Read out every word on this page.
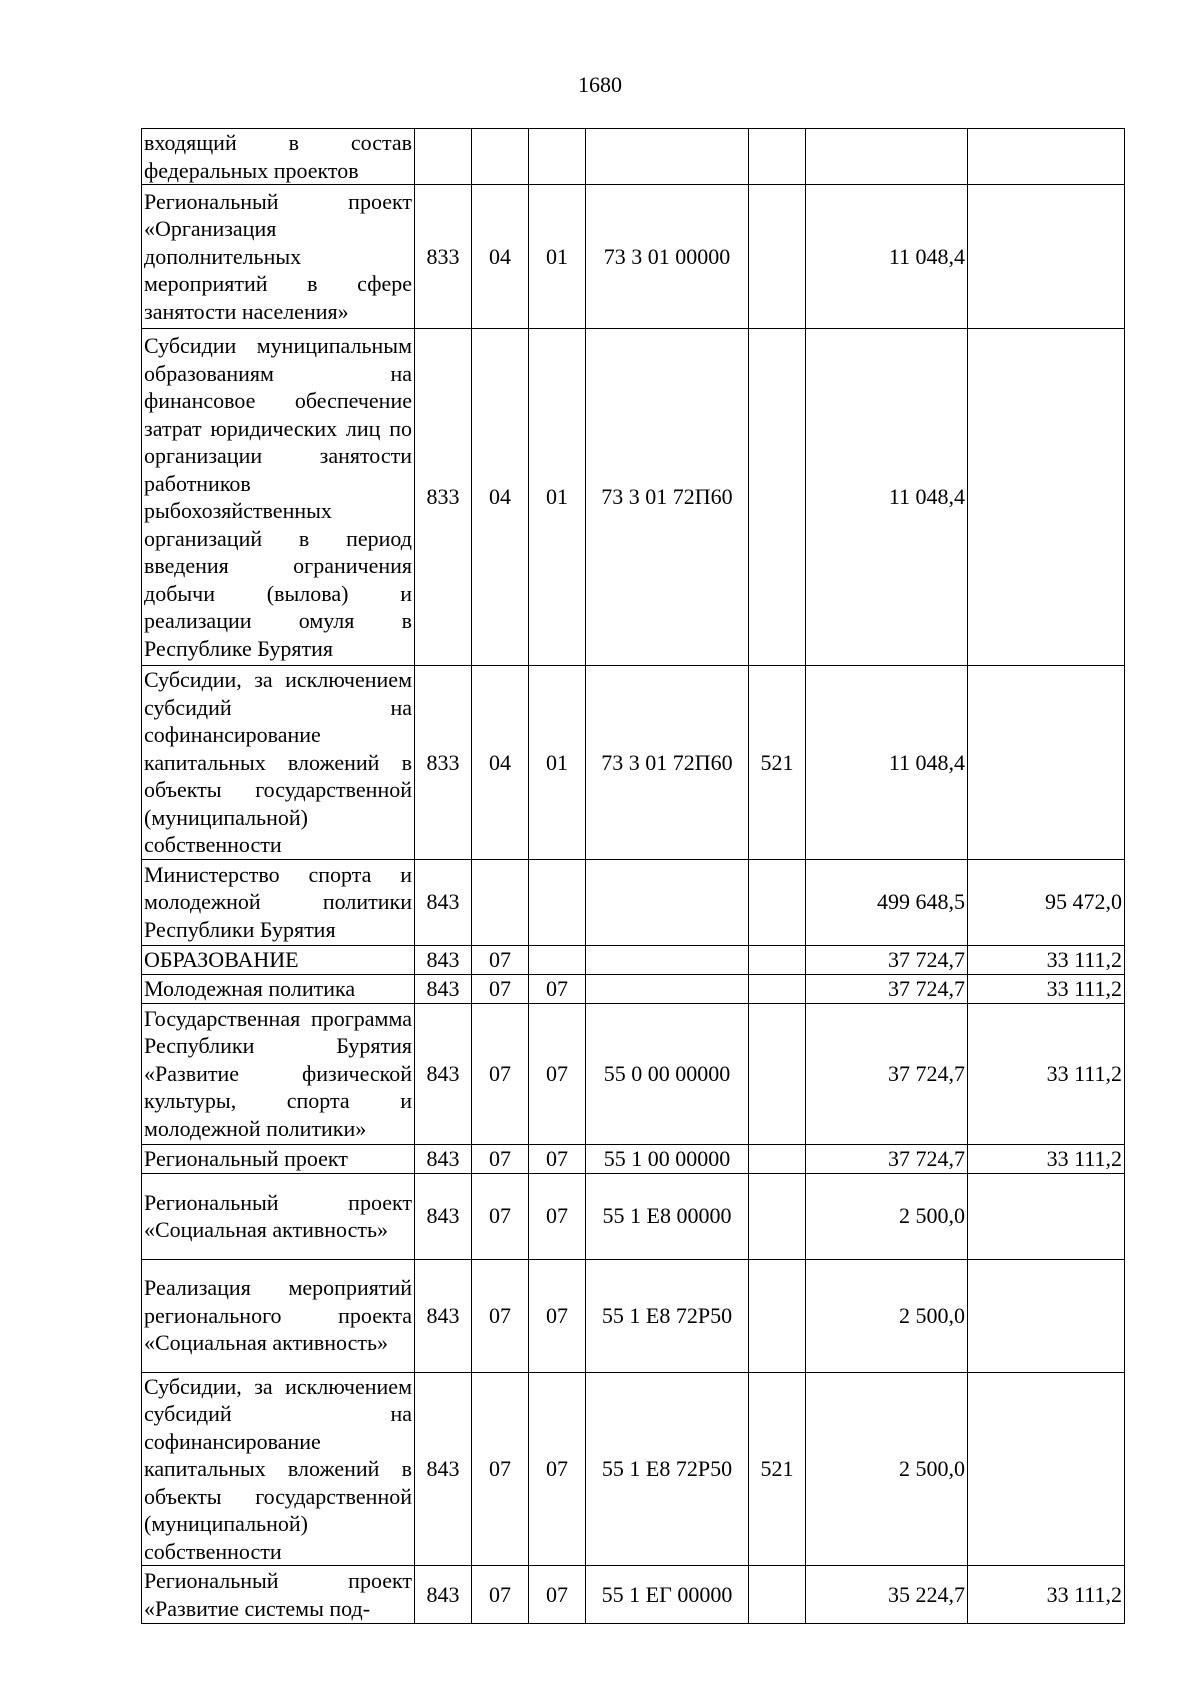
1680
входящий в состав федеральных проектов							
Региональный проект «Организация дополнительных мероприятий в сфере занятости населения»	833	04	01	73 3 01 00000		11 048,4	
Субсидии муниципальным образованиям на финансовое обеспечение затрат юридических лиц по организации занятости работников рыбохозяйственных организаций в период введения ограничения добычи (вылова) и реализации омуля в Республике Бурятия	833	04	01	73 3 01 72П60		11 048,4	
Субсидии, за исключением субсидий на софинансирование капитальных вложений в объекты государственной (муниципальной) собственности	833	04	01	73 3 01 72П60	521	11 048,4	
Министерство спорта и молодежной политики Республики Бурятия	843					499 648,5	95 472,0
ОБРАЗОВАНИЕ	843	07				37 724,7	33 111,2
Молодежная политика	843	07	07			37 724,7	33 111,2
Государственная программа Республики Бурятия «Развитие физической культуры, спорта и молодежной политики»	843	07	07	55 0 00 00000		37 724,7	33 111,2
Региональный проект	843	07	07	55 1 00 00000		37 724,7	33 111,2
Региональный проект «Социальная активность»	843	07	07	55 1 E8 00000		2 500,0	
Реализация мероприятий регионального проекта «Социальная активность»	843	07	07	55 1 E8 72P50		2 500,0	
Субсидии, за исключением субсидий на софинансирование капитальных вложений в объекты государственной (муниципальной) собственности	843	07	07	55 1 E8 72P50	521	2 500,0	
Региональный проект «Развитие системы под-	843	07	07	55 1 ЕГ 00000		35 224,7	33 111,2
